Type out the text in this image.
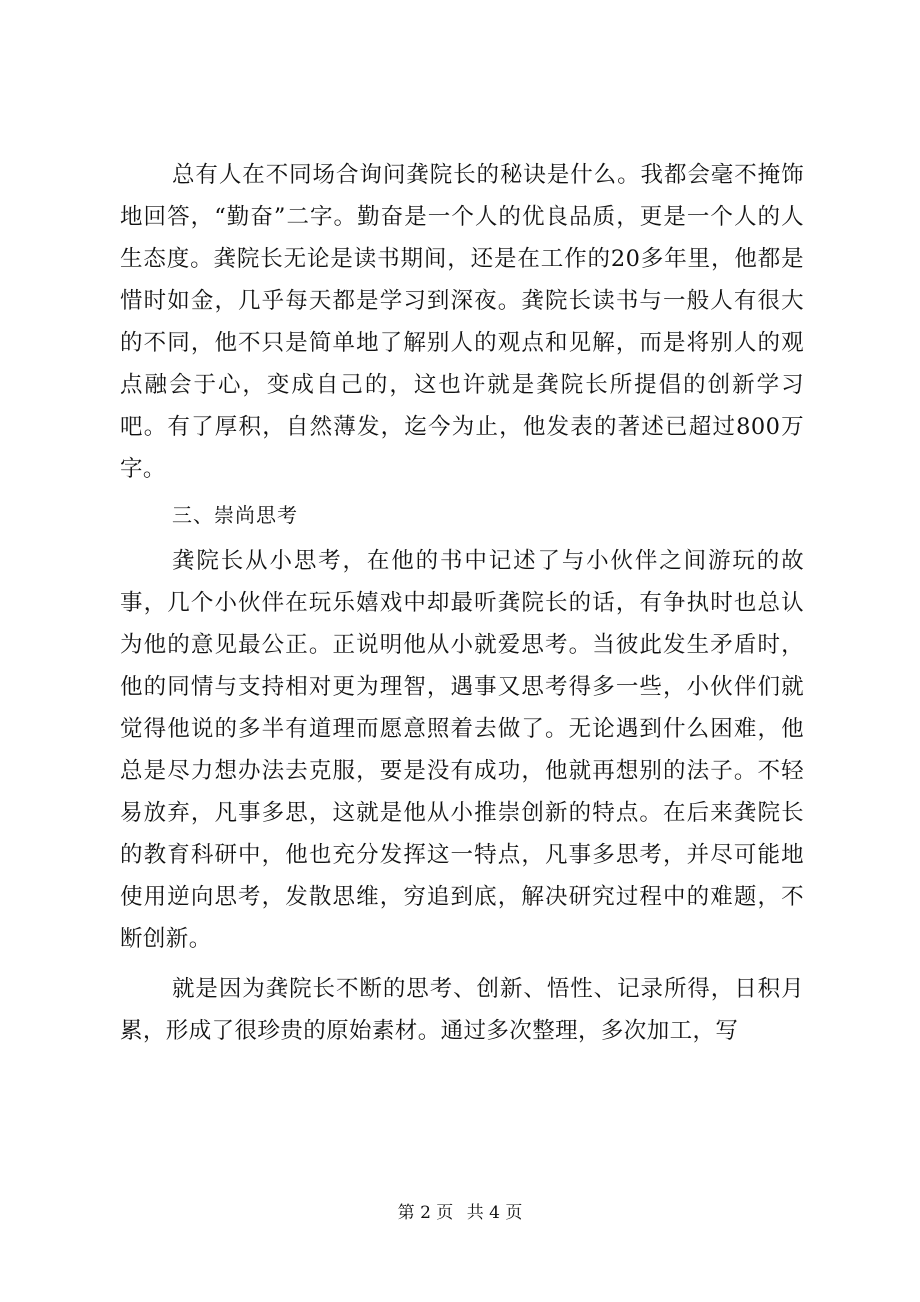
总有人在不同场合询问龚院长的秘诀是什么。我都会毫不掩饰地回答，“勤奋”二字。勤奋是一个人的优良品质，更是一个人的人生态度。龚院长无论是读书期间，还是在工作的20多年里，他都是惜时如金，几乎每天都是学习到深夜。龚院长读书与一般人有很大的不同，他不只是简单地了解别人的观点和见解，而是将别人的观点融会于心，变成自己的，这也许就是龚院长所提倡的创新学习吧。有了厚积，自然薄发，迄今为止，他发表的著述已超过800万字。

三、崇尚思考

龚院长从小思考，在他的书中记述了与小伙伴之间游玩的故事，几个小伙伴在玩乐嬉戏中却最听龚院长的话，有争执时也总认为他的意见最公正。正说明他从小就爱思考。当彼此发生矛盾时，他的同情与支持相对更为理智，遇事又思考得多一些，小伙伴们就觉得他说的多半有道理而愿意照着去做了。无论遇到什么困难，他总是尽力想办法去克服，要是没有成功，他就再想别的法子。不轻易放弃，凡事多思，这就是他从小推崇创新的特点。在后来龚院长的教育科研中，他也充分发挥这一特点，凡事多思考，并尽可能地使用逆向思考，发散思维，穷追到底，解决研究过程中的难题，不断创新。

就是因为龚院长不断的思考、创新、悟性、记录所得，日积月累，形成了很珍贵的原始素材。通过多次整理，多次加工，写

第 2 页 共 4 页
